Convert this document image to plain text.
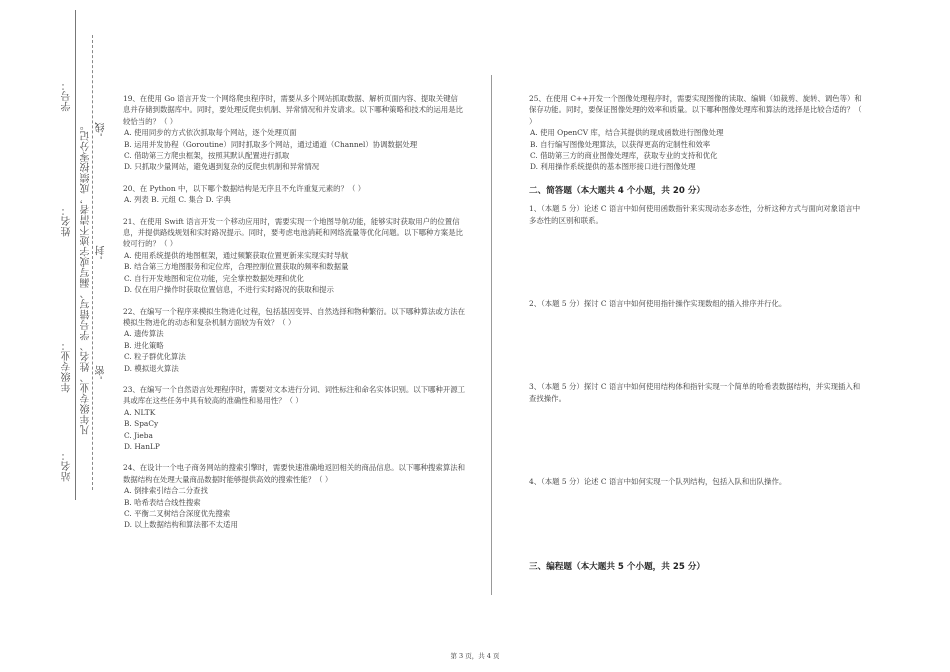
学号：
姓名：
年级专业：
站名：
凡年级专业、姓名、学号错写、漏写或字迹不清者，成绩按零分记。 -线
-封
-密

19、在使用 Go 语言开发一个网络爬虫程序时，需要从多个网站抓取数据、解析页面内容、提取关键信息并存储到数据库中。同时，要处理反爬虫机制、异常情况和并发请求。以下哪种策略和技术的运用是比较恰当的？（ ）

A. 使用同步的方式依次抓取每个网站，逐个处理页面

B. 运用并发协程（Goroutine）同时抓取多个网站，通过通道（Channel）协调数据处理

C. 借助第三方爬虫框架，按照其默认配置进行抓取

D. 只抓取少量网站，避免遇到复杂的反爬虫机制和异常情况

20、在 Python 中，以下哪个数据结构是无序且不允许重复元素的？（ ）

A. 列表 B. 元组 C. 集合 D. 字典

21、在使用 Swift 语言开发一个移动应用时，需要实现一个地图导航功能，能够实时获取用户的位置信息，并提供路线规划和实时路况提示。同时，要考虑电池消耗和网络流量等优化问题。以下哪种方案是比较可行的？（ ）

A. 使用系统提供的地图框架，通过频繁获取位置更新来实现实时导航

B. 结合第三方地图服务和定位库，合理控制位置获取的频率和数据量

C. 自行开发地图和定位功能，完全掌控数据处理和优化

D. 仅在用户操作时获取位置信息，不进行实时路况的获取和提示

22、在编写一个程序来模拟生物进化过程，包括基因变异、自然选择和物种繁衍。以下哪种算法或方法在模拟生物进化的动态和复杂机制方面较为有效？（ ）

A. 遗传算法

B. 进化策略

C. 粒子群优化算法

D. 模拟退火算法

23、在编写一个自然语言处理程序时，需要对文本进行分词、词性标注和命名实体识别。以下哪种开源工具或库在这些任务中具有较高的准确性和易用性？（ ）

A. NLTK

B. SpaCy

C. Jieba

D. HanLP

24、在设计一个电子商务网站的搜索引擎时，需要快速准确地返回相关的商品信息。以下哪种搜索算法和数据结构在处理大量商品数据时能够提供高效的搜索性能？（ ）

A. 倒排索引结合二分查找

B. 哈希表结合线性搜索

C. 平衡二叉树结合深度优先搜索

D. 以上数据结构和算法都不太适用

25、在使用 C++开发一个图像处理程序时，需要实现图像的读取、编辑（如裁剪、旋转、调色等）和保存功能。同时，要保证图像处理的效率和质量。以下哪种图像处理库和算法的选择是比较合适的？（ ）

A. 使用 OpenCV 库，结合其提供的现成函数进行图像处理

B. 自行编写图像处理算法，以获得更高的定制性和效率

C. 借助第三方的商业图像处理库，获取专业的支持和优化

D. 利用操作系统提供的基本图形接口进行图像处理

二、简答题（本大题共 4 个小题，共 20 分）

1、（本题 5 分）论述 C 语言中如何使用函数指针来实现动态多态性，分析这种方式与面向对象语言中多态性的区别和联系。

2、（本题 5 分）探讨 C 语言中如何使用指针操作实现数组的插入排序并行化。

3、（本题 5 分）探讨 C 语言中如何使用结构体和指针实现一个简单的哈希表数据结构，并实现插入和查找操作。

4、（本题 5 分）论述 C 语言中如何实现一个队列结构，包括入队和出队操作。

三、编程题（本大题共 5 个小题，共 25 分）

第 3 页，共 4 页
